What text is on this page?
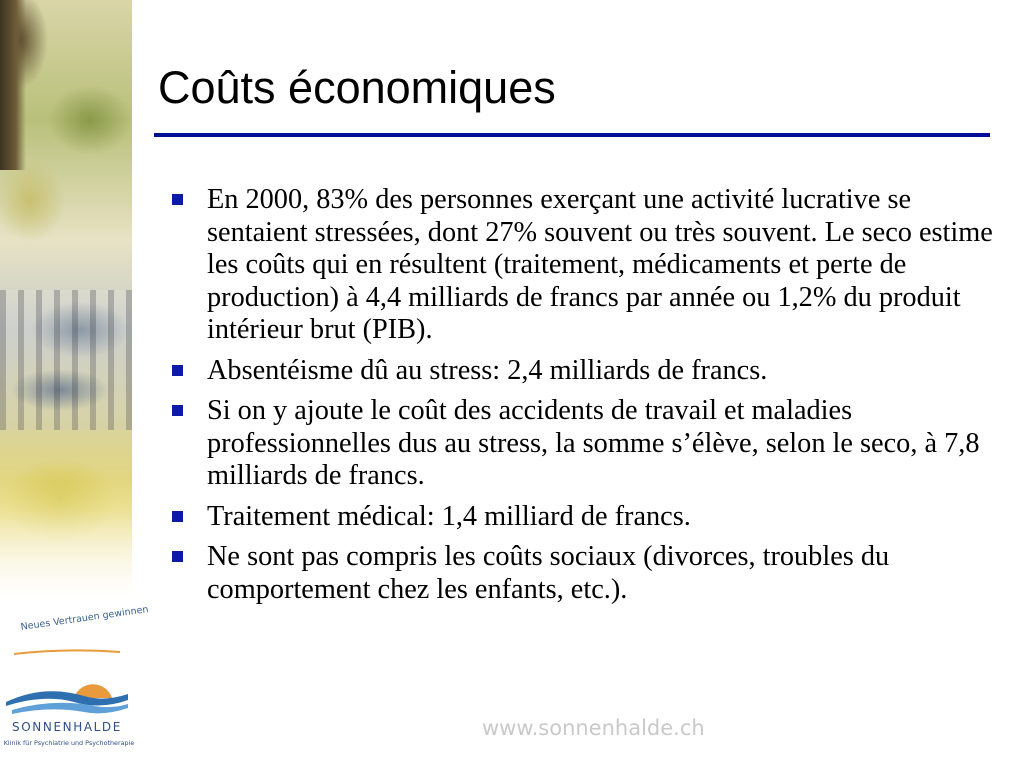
Neues Vertrauen gewinnen
SONNENHALDE
Klinik für Psychiatrie und Psychotherapie
Coûts économiques
En 2000, 83% des personnes exerçant une activité lucrative se sentaient stressées, dont 27% souvent ou très souvent. Le seco estime les coûts qui en résultent (traitement, médicaments et perte de production) à 4,4 milliards de francs par année ou 1,2% du produit intérieur brut (PIB).
Absentéisme dû au stress: 2,4 milliards de francs.
Si on y ajoute le coût des accidents de travail et maladies professionnelles dus au stress, la somme s’élève, selon le seco, à 7,8 milliards de francs.
Traitement médical: 1,4 milliard de francs.
Ne sont pas compris les coûts sociaux (divorces, troubles du comportement chez les enfants, etc.).
www.sonnenhalde.ch
